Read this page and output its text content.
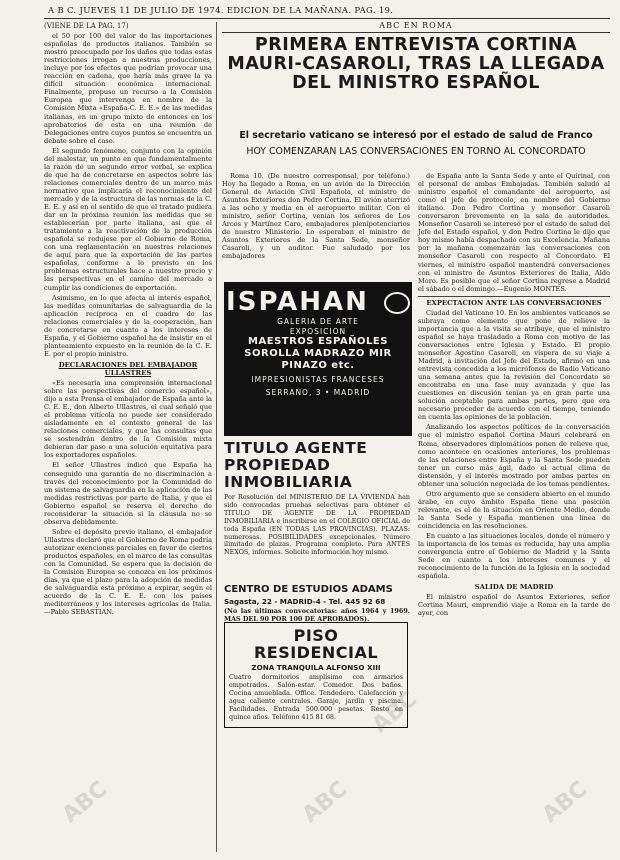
A B C. JUEVES 11 DE JULIO DE 1974. EDICION DE LA MAÑANA. PAG. 19.
(VIENE DE LA PAG. 17)

el 50 por 100 del valor de las importaciones españolas de productos italianos. También se mostró preocupado por los daños que todas estas restricciones irrogan a nuestras producciones, incluye por los efectos que podrían provocar una reacción en cadena, que haría más grave la ya difícil situación económica internacional. Finalmente, propuso un recurso a la Comisión Europea que intervenga en nombre de la Comisión Mixta «España-C. E. E.» de las medidas italianas, en un grupo mixto de entonces en los aprobatorios de esta en una reunión de Delegaciones entre cuyos puntos se encuentra un debate sobre el caso.

El segundo fenómeno, conjunto con la opinión del malestar, un punto en que fundamentalmente la razón de un segundo error verbal, se explica de que ha de concretarse en aspectos sobre las relaciones comerciales dentro de un marco más normativo que implicaría el reconocimiento del mercado y de la estructura de las normas de la C. E. E. y así en el sentido de que el tratado pudiera dar en la próxima reunión las medidas que se establecerían por parte italiana, así que el tratamiento a la reactivación de la producción española se redujese por el Gobierno de Roma, con una reglamentación en nuestras relaciones de aquí para que la exportación de las partes españolas, conforme a lo previsto en los problemas estructurales hace a nuestro precio y las perspectivas en el camino del mercado a cumplir las condiciones de exportación.

Asimismo, en lo que afecta al interés español, las medidas comunitarias de salvaguardia de la aplicación recíproca en el cuadro de las relaciones comerciales y de la cooperación, han de concretarse en cuanto a los intereses de España, y el Gobierno español ha de insistir en el planteamiento expuesto en la reunión de la C. E. E. por el propio ministro.

DECLARACIONES DEL EMBAJADOR ULLASTRES

«Es necesaria una comprensión internacional sobre las perspectivas del comercio español», dijo a esta Prensa el embajador de España ante la C. E. E., don Alberto Ullastres, el cual señaló que el problema vitícola no puede ser considerado aisladamente en el contexto general de las relaciones comerciales, y que las consultas que se sostendrán dentro de la Comisión mixta debieran dar paso a una solución equitativa para los exportadores españoles.

El señor Ullastres indicó que España ha conseguido una garantía de no discriminación a través del reconocimiento por la Comunidad de un sistema de salvaguardia en la aplicación de las medidas restrictivas por parte de Italia, y que el Gobierno español se reserva el derecho de reconsiderar la situación si la cláusula no se observa debidamente.

Sobre el depósito previo italiano, el embajador Ullastres declaró que el Gobierno de Roma podría autorizar exenciones parciales en favor de ciertos productos españoles, en el marco de las consultas con la Comunidad. Se espera que la decisión de la Comisión Europea se conozca en los próximos días, ya que el plazo para la adopción de medidas de salvaguardia está próximo a expirar, según el acuerdo de la C. E. E. con los países mediterráneos y los intereses agrícolas de Italia.—Pablo SEBASTIAN.

ABC EN ROMA
PRIMERA ENTREVISTA CORTINA MAURI-CASAROLI, TRAS LA LLEGADA DEL MINISTRO ESPAÑOL
El secretario vaticano se interesó por el estado de salud de Franco
HOY COMENZARAN LAS CONVERSACIONES EN TORNO AL CONCORDATO

Roma 10. (De nuestro corresponsal, por teléfono.) Hoy ha llegado a Roma, en un avión de la Dirección General de Aviación Civil Española, el ministro de Asuntos Exteriores don Pedro Cortina. El avión aterrizó a las ocho y media en el aeropuerto militar. Con el ministro, señor Cortina, venían los señores de Los Arcos y Martínez Caro, embajadores plenipotenciarios de nuestro Ministerio. Lo esperaban el ministro de Asuntos Exteriores de la Santa Sede, monseñor Casaroli, y un auditor. Fue saludado por los embajadores

de España ante la Santa Sede y ante el Quirinal, con el personal de ambas Embajadas. También saludó al ministro español el comandante del aeropuerto, así como el jefe de protocolo, en nombre del Gobierno italiano. Don Pedro Cortina y monseñor Casaroli conversaron brevemente en la sala de autoridades. Monseñor Casaroli se interesó por el estado de salud del Jefe del Estado español, y don Pedro Cortina le dijo que hoy mismo había despachado con su Excelencia. Mañana por la mañana comenzarán las conversaciones con monseñor Casaroli con respecto al Concordato. El viernes, el ministro español mantendrá conversaciones con el ministro de Asuntos Exteriores de Italia, Aldo Moro. Es posible que el señor Cortina regrese a Madrid el sábado o el domingo.—Eugenio MONTES.

EXPECTACION ANTE LAS CONVERSACIONES

Ciudad del Vaticano 10. En los ambientes vaticanos se subraya como elemento que pone de relieve la importancia que a la visita se atribuye, que el ministro español se haya trasladado a Roma con motivo de las conversaciones entre Iglesia y Estado. El propio monseñor Agostino Casaroli, en víspera de su viaje a Madrid, a invitación del Jefe del Estado, afirmó en una entrevista concedida a los micrófonos de Radio Vaticano una semana antes que la revisión del Concordato se encontraba en una fase muy avanzada y que las cuestiones en discusión tenían ya en gran parte una solución aceptable para ambas partes, pero que era necesario proceder de acuerdo con el tiempo, teniendo en cuenta las opiniones de la población.

Analizando los aspectos políticos de la conversación que el ministro español Cortina Mauri celebrará en Roma, observadores diplomáticos ponen de relieve que, como acontece en ocasiones anteriores, los problemas de las relaciones entre España y la Santa Sede pueden tener un curso más ágil, dado el actual clima de distensión, y el interés mostrado por ambas partes en obtener una solución negociada de los temas pendientes.

Otro argumento que se considera abierto en el mundo árabe, en cuyo ámbito España tiene una posición relevante, es el de la situación en Oriente Medio, donde la Santa Sede y España mantienen una línea de coincidencia en las resoluciones.

En cuanto a las situaciones locales, donde el número y la importancia de los temas es reducida, hay una amplia convergencia entre el Gobierno de Madrid y la Santa Sede en cuanto a los intereses comunes y el reconocimiento de la función de la Iglesia en la sociedad española.

SALIDA DE MADRID

El ministro español de Asuntos Exteriores, señor Cortina Mauri, emprendió viaje a Roma en la tarde de ayer, con

ISPAHAN
GALERIA DE ARTE
EXPOSICION
MAESTROS ESPAÑOLES
SOROLLA MADRAZO MIR
PINAZO etc.
IMPRESIONISTAS FRANCESES
SERRANO, 3 • MADRID
TITULO AGENTE PROPIEDAD INMOBILIARIA
Por Resolución del MINISTERIO DE LA VIVIENDA han sido convocadas pruebas selectivas para obtener el TITULO DE AGENTE DE LA PROPIEDAD INMOBILIARIA e inscribirse en el COLEGIO OFICIAL de toda España (EN TODAS LAS PROVINCIAS). PLAZAS: numerosas. POSIBILIDADES excepcionales. Número ilimitado de plazas. Programa completo. Para ANTES NEXOS, informes. Solicite información hoy mismo.
CENTRO DE ESTUDIOS ADAMS
Sagasta, 22 - MADRID-4 - Tel. 445 92 68
(No las últimas convocatorias: años 1964 y 1969. MAS DEL 90 POR 100 DE APROBADOS).
PISO RESIDENCIAL
ZONA TRANQUILA ALFONSO XIII
Cuatro dormitorios amplísimo con armarios empotrados. Salón-estar. Comedor. Dos baños. Cocina amueblada. Office. Tendedero. Calefacción y agua caliente centrales. Garaje, jardín y piscina. Facilidades. Entrada 500.000 pesetas. Resto en quince años. Teléfono 415 81 68.
ABC
ABC	ABC
ABC
